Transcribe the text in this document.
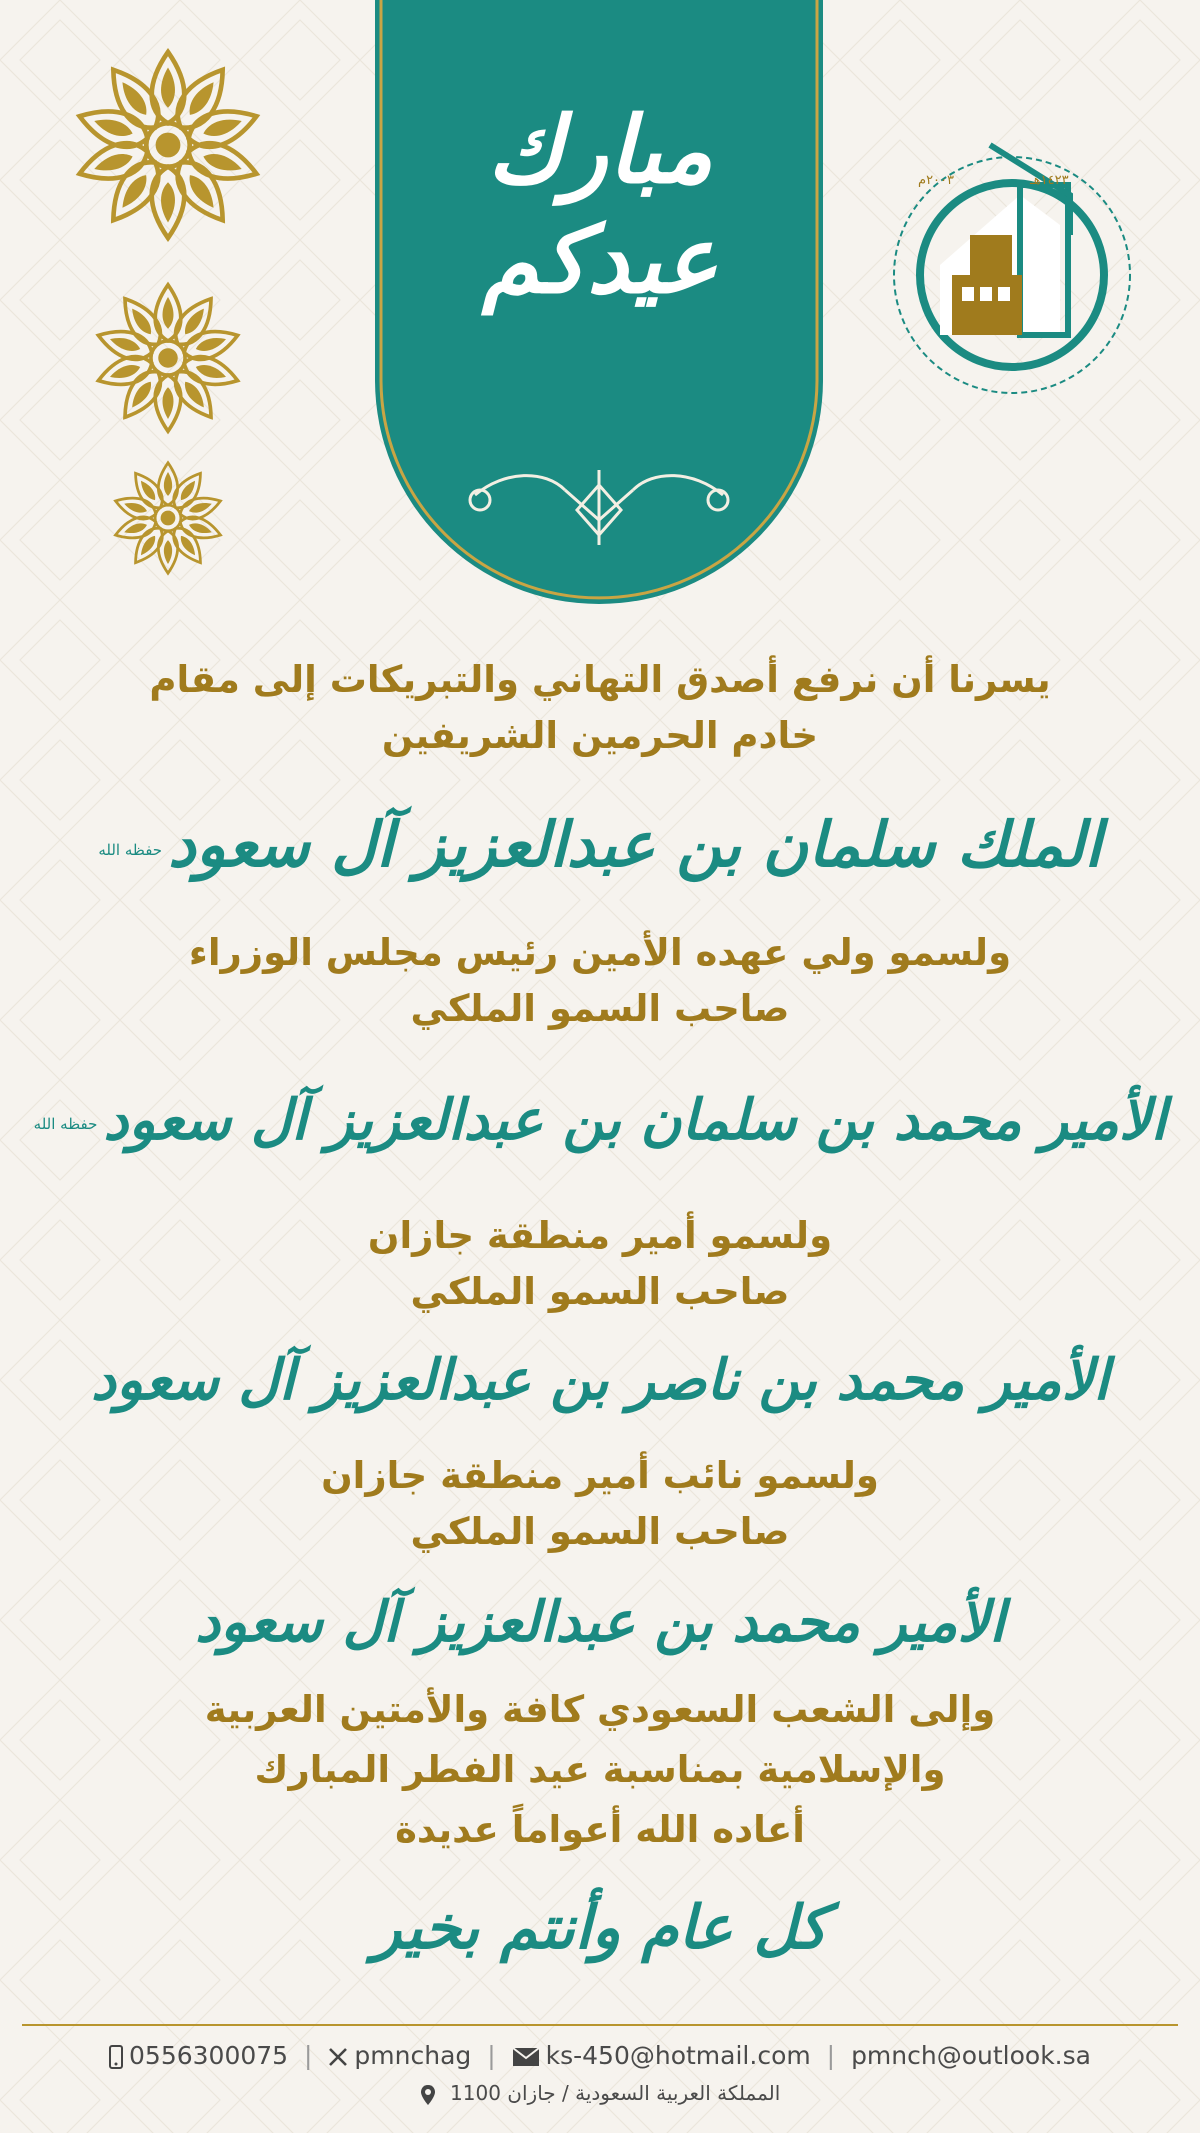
مبارك
عيدكم
٢٠٠٣م	١٤٢٣هـ
يسرنا أن نرفع أصدق التهاني والتبريكات إلى مقام
خادم الحرمين الشريفين
الملك سلمان بن عبدالعزيز آل سعودحفظه الله
ولسمو ولي عهده الأمين رئيس مجلس الوزراء
صاحب السمو الملكي
الأمير محمد بن سلمان بن عبدالعزيز آل سعودحفظه الله
ولسمو أمير منطقة جازان
صاحب السمو الملكي
الأمير محمد بن ناصر بن عبدالعزيز آل سعود
ولسمو نائب أمير منطقة جازان
صاحب السمو الملكي
الأمير محمد بن عبدالعزيز آل سعود
وإلى الشعب السعودي كافة والأمتين العربية
والإسلامية بمناسبة عيد الفطر المبارك
أعاده الله أعواماً عديدة
كل عام وأنتم بخير
0556300075 | pmnchag | ks-450@hotmail.com | pmnch@outlook.sa
المملكة العربية السعودية / جازان 1100
